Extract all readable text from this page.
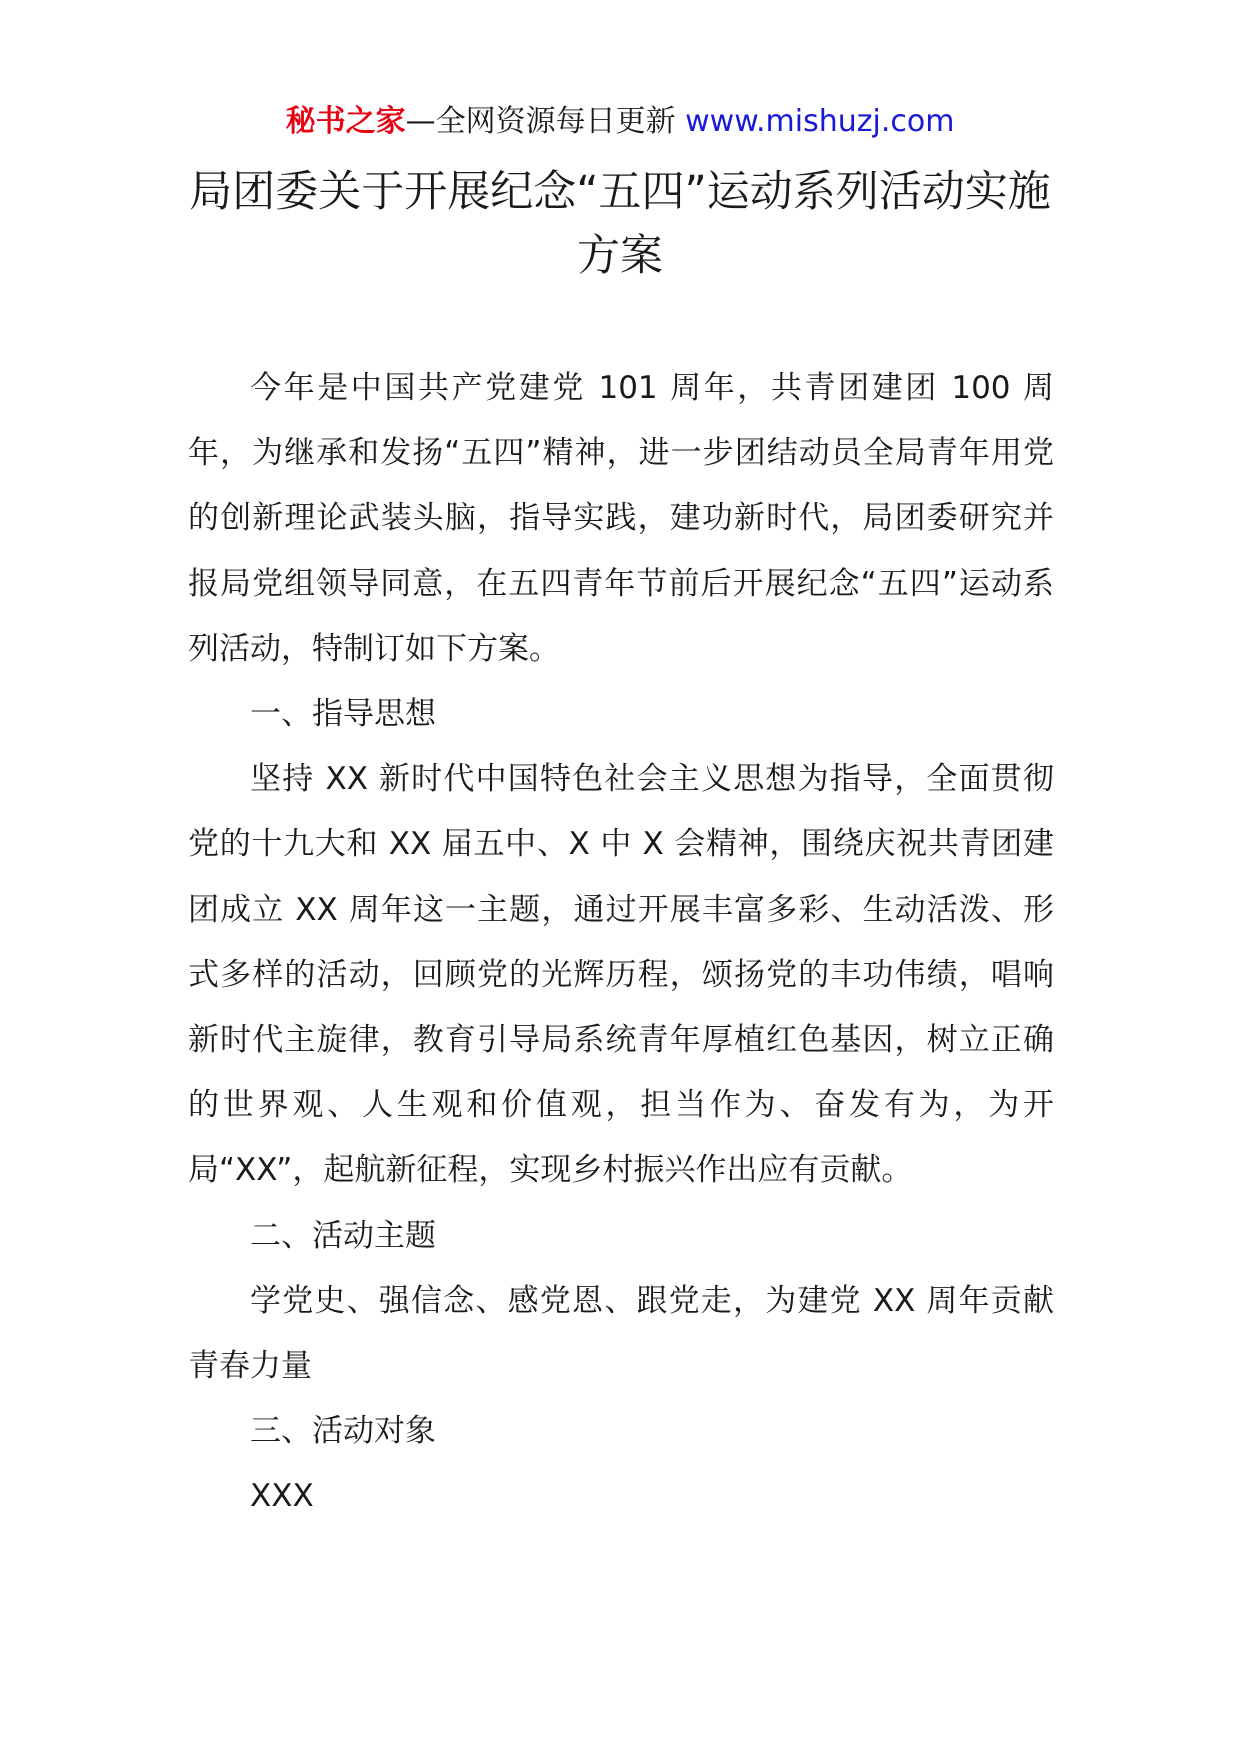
秘书之家—全网资源每日更新 www.mishuzj.com
局团委关于开展纪念“五四”运动系列活动实施方案

今年是中国共产党建党 101 周年，共青团建团 100 周年，为继承和发扬“五四”精神，进一步团结动员全局青年用党的创新理论武装头脑，指导实践，建功新时代，局团委研究并报局党组领导同意，在五四青年节前后开展纪念“五四”运动系列活动，特制订如下方案。

一、指导思想

坚持 XX 新时代中国特色社会主义思想为指导，全面贯彻党的十九大和 XX 届五中、X 中 X 会精神，围绕庆祝共青团建团成立 XX 周年这一主题，通过开展丰富多彩、生动活泼、形式多样的活动，回顾党的光辉历程，颂扬党的丰功伟绩，唱响新时代主旋律，教育引导局系统青年厚植红色基因，树立正确的世界观、人生观和价值观，担当作为、奋发有为，为开局“XX”，起航新征程，实现乡村振兴作出应有贡献。

二、活动主题

学党史、强信念、感党恩、跟党走，为建党 XX 周年贡献青春力量

三、活动对象

XXX
